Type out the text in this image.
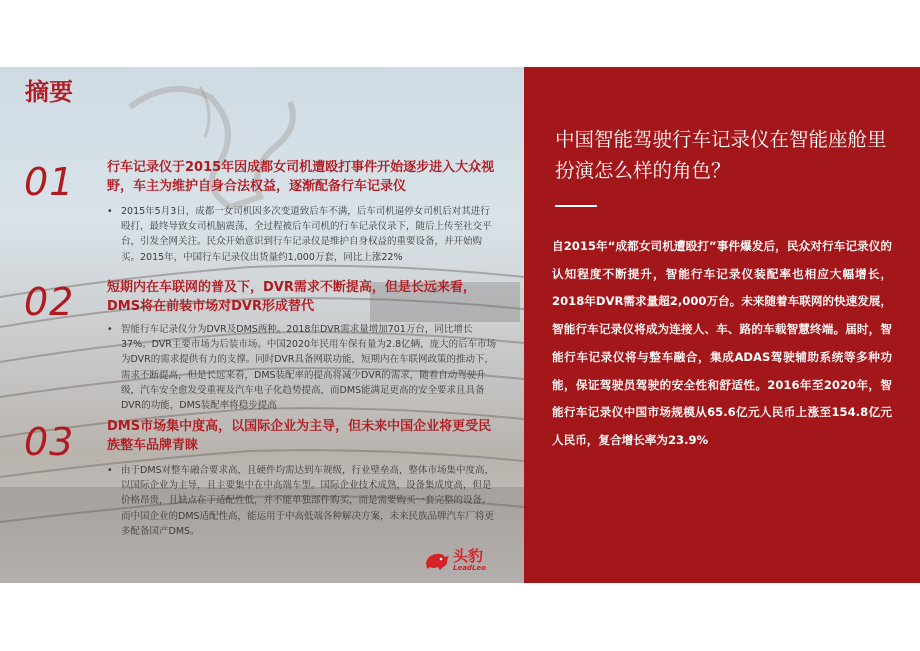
摘要
01	行车记录仪于2015年因成都女司机遭殴打事件开始逐步进入大众视野，车主为维护自身合法权益，逐渐配备行车记录仪
• 2015年5月3日，成都一女司机因多次变道致后车不满，后车司机逼停女司机后对其进行殴打，最终导致女司机脑震荡，全过程被后车司机的行车记录仪录下，随后上传至社交平台，引发全网关注。民众开始意识到行车记录仪是维护自身权益的重要设备，并开始购买。2015年，中国行车记录仪出货量约1,000万套，同比上涨22%
02	短期内在车联网的普及下，DVR需求不断提高，但是长远来看，DMS将在前装市场对DVR形成替代
• 智能行车记录仪分为DVR及DMS两种。2018年DVR需求量增加701万台，同比增长37%。DVR主要市场为后装市场。中国2020年民用车保有量为2.8亿辆，庞大的后车市场为DVR的需求提供有力的支撑。同时DVR具备网联功能，短期内在车联网政策的推动下，需求不断提高，但是长远来看，DMS装配率的提高将减少DVR的需求，随着自动驾驶升级，汽车安全愈发受重视及汽车电子化趋势提高，而DMS能满足更高的安全要求且具备DVR的功能，DMS装配率将稳步提高
03	DMS市场集中度高，以国际企业为主导，但未来中国企业将更受民族整车品牌青睐
• 由于DMS对整车融合要求高，且硬件均需达到车规级，行业壁垒高，整体市场集中度高，以国际企业为主导，且主要集中在中高端车型。国际企业技术成熟，设备集成度高，但是价格昂贵，且缺点在于适配性低，并不能单独部件购买，而是需要购买一套完整的设备。而中国企业的DMS适配性高，能运用于中高低端各种解决方案，未来民族品牌汽车厂将更多配备国产DMS。
头豹
LeadLeo
中国智能驾驶行车记录仪在智能座舱里扮演怎么样的角色？
自2015年“成都女司机遭殴打”事件爆发后，民众对行车记录仪的认知程度不断提升，智能行车记录仪装配率也相应大幅增长，2018年DVR需求量超2,000万台。未来随着车联网的快速发展，智能行车记录仪将成为连接人、车、路的车载智慧终端。届时，智能行车记录仪将与整车融合，集成ADAS驾驶辅助系统等多种功能，保证驾驶员驾驶的安全性和舒适性。2016年至2020年，智能行车记录仪中国市场规模从65.6亿元人民币上涨至154.8亿元人民币，复合增长率为23.9%
